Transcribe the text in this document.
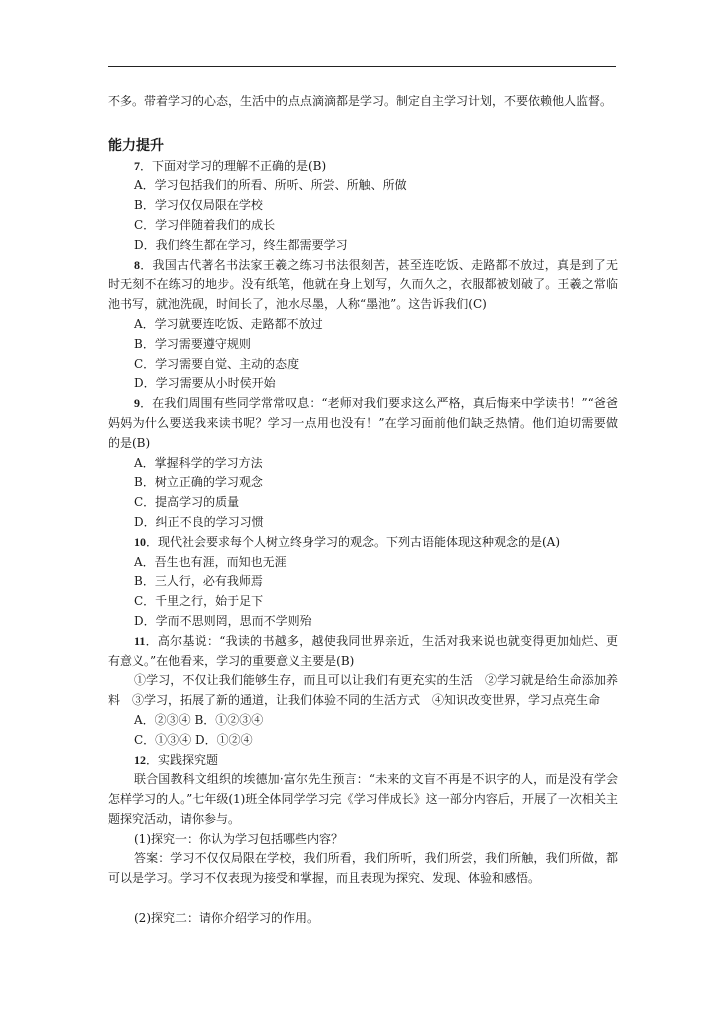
不多。带着学习的心态，生活中的点点滴滴都是学习。制定自主学习计划，不要依赖他人监督。

能力提升

7．下面对学习的理解不正确的是(B)

A．学习包括我们的所看、所听、所尝、所触、所做

B．学习仅仅局限在学校

C．学习伴随着我们的成长

D．我们终生都在学习，终生都需要学习

8．我国古代著名书法家王羲之练习书法很刻苦，甚至连吃饭、走路都不放过，真是到了无时无刻不在练习的地步。没有纸笔，他就在身上划写，久而久之，衣服都被划破了。王羲之常临池书写，就池洗砚，时间长了，池水尽墨，人称“墨池”。这告诉我们(C)

A．学习就要连吃饭、走路都不放过

B．学习需要遵守规则

C．学习需要自觉、主动的态度

D．学习需要从小时侯开始

9．在我们周围有些同学常常叹息：“老师对我们要求这么严格，真后悔来中学读书！”“爸爸妈妈为什么要送我来读书呢？学习一点用也没有！”在学习面前他们缺乏热情。他们迫切需要做的是(B)

A．掌握科学的学习方法

B．树立正确的学习观念

C．提高学习的质量

D．纠正不良的学习习惯

10．现代社会要求每个人树立终身学习的观念。下列古语能体现这种观念的是(A)

A．吾生也有涯，而知也无涯

B．三人行，必有我师焉

C．千里之行，始于足下

D．学而不思则罔，思而不学则殆

11．高尔基说：“我读的书越多，越使我同世界亲近，生活对我来说也就变得更加灿烂、更有意义。”在他看来，学习的重要意义主要是(B)

①学习，不仅让我们能够生存，而且可以让我们有更充实的生活　②学习就是给生命添加养料　③学习，拓展了新的通道，让我们体验不同的生活方式　④知识改变世界，学习点亮生命

A．②③④ B．①②③④

C．①③④ D．①②④

12．实践探究题

联合国教科文组织的埃德加·富尔先生预言：“未来的文盲不再是不识字的人，而是没有学会怎样学习的人。”七年级(1)班全体同学学习完《学习伴成长》这一部分内容后，开展了一次相关主题探究活动，请你参与。

(1)探究一：你认为学习包括哪些内容？

答案：学习不仅仅局限在学校，我们所看，我们所听，我们所尝，我们所触，我们所做，都可以是学习。学习不仅表现为接受和掌握，而且表现为探究、发现、体验和感悟。

(2)探究二：请你介绍学习的作用。
